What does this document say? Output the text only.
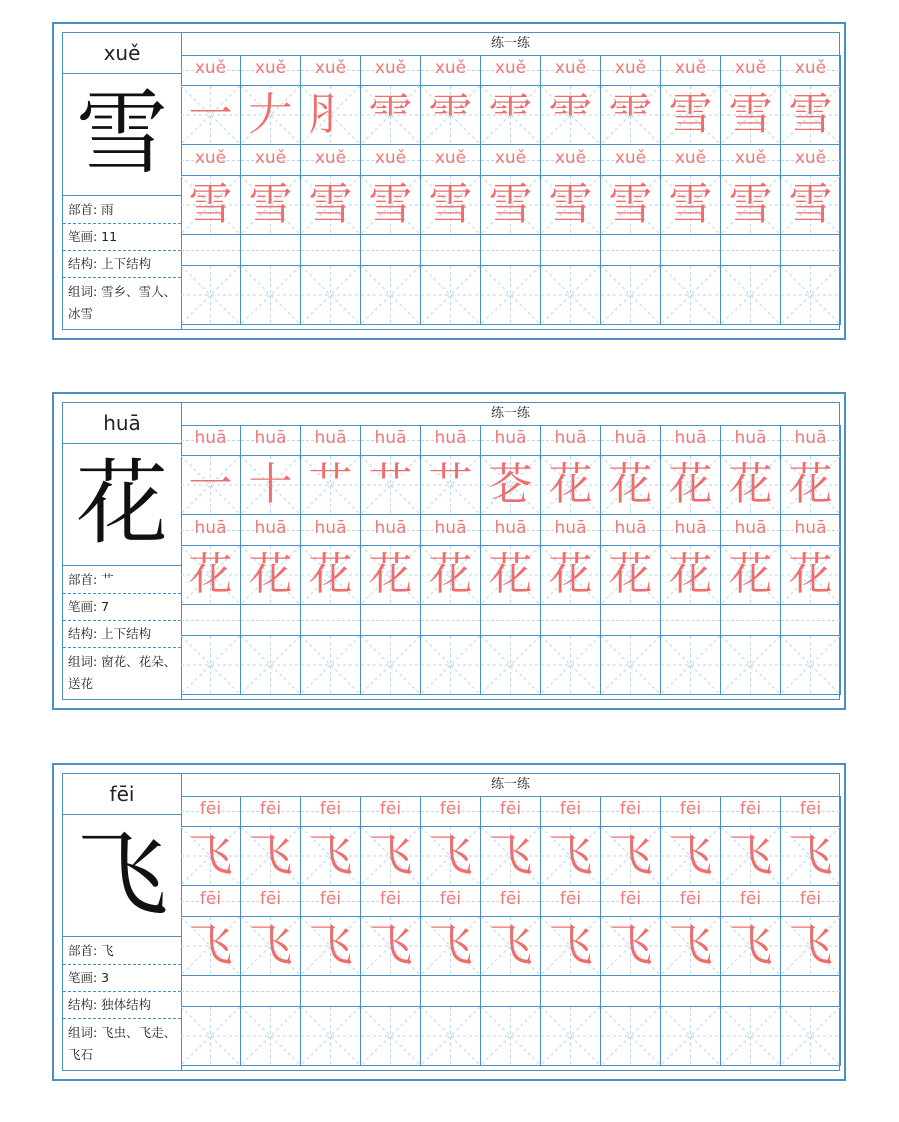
xuě
雪
部首: 雨
笔画: 11
结构: 上下结构
组词: 雪乡、雪人、冰雪
练一练
xuě
一
xuě
雪
xuě
𠂇
xuě
雪
xuě
⺼
xuě
雪
xuě
⻗
xuě
雪
xuě
⻗
xuě
雪
xuě
⻗
xuě
雪
xuě
⻗
xuě
雪
xuě
⻗
xuě
雪
xuě
雪
xuě
雪
xuě
雪
xuě
雪
xuě
雪
xuě
雪
huā
花
部首: 艹
笔画: 7
结构: 上下结构
组词: 窗花、花朵、送花
练一练
huā
一
huā
花
huā
十
huā
花
huā
艹
huā
花
huā
艹
huā
花
huā
艹
huā
花
huā
芲
huā
花
huā
花
huā
花
huā
花
huā
花
huā
花
huā
花
huā
花
huā
花
huā
花
huā
花
fēi
飞
部首: 飞
笔画: 3
结构: 独体结构
组词: 飞虫、飞走、飞石
练一练
fēi
飞
fēi
飞
fēi
飞
fēi
飞
fēi
飞
fēi
飞
fēi
飞
fēi
飞
fēi
飞
fēi
飞
fēi
飞
fēi
飞
fēi
飞
fēi
飞
fēi
飞
fēi
飞
fēi
飞
fēi
飞
fēi
飞
fēi
飞
fēi
飞
fēi
飞
